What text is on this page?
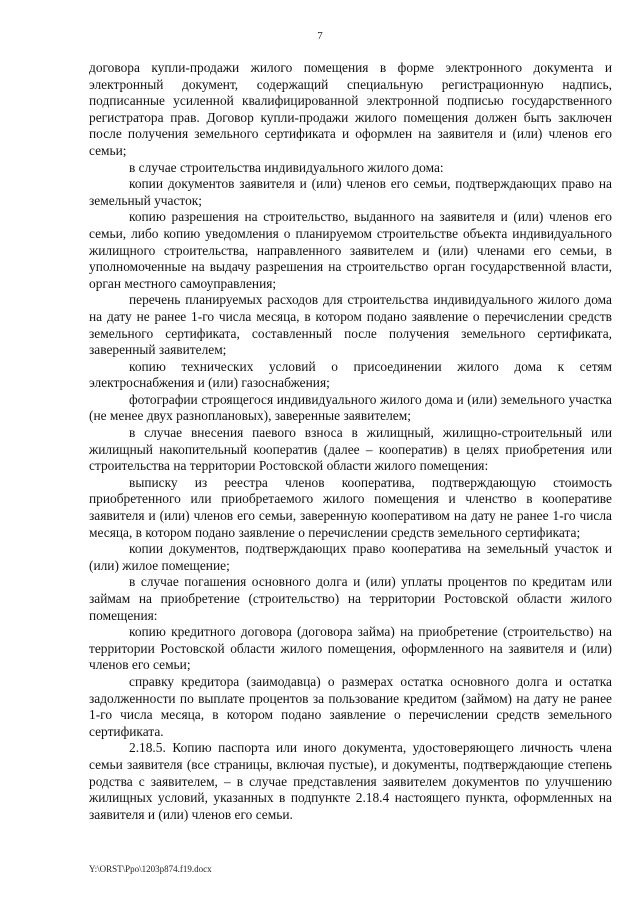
7

договора купли-продажи жилого помещения в форме электронного документа и электронный документ, содержащий специальную регистрационную надпись, подписанные усиленной квалифицированной электронной подписью государственного регистратора прав. Договор купли-продажи жилого помещения должен быть заключен после получения земельного сертификата и оформлен на заявителя и (или) членов его семьи;

в случае строительства индивидуального жилого дома:

копии документов заявителя и (или) членов его семьи, подтверждающих право на земельный участок;

копию разрешения на строительство, выданного на заявителя и (или) членов его семьи, либо копию уведомления о планируемом строительстве объекта индивидуального жилищного строительства, направленного заявителем и (или) членами его семьи, в уполномоченные на выдачу разрешения на строительство орган государственной власти, орган местного самоуправления;

перечень планируемых расходов для строительства индивидуального жилого дома на дату не ранее 1-го числа месяца, в котором подано заявление о перечислении средств земельного сертификата, составленный после получения земельного сертификата, заверенный заявителем;

копию технических условий о присоединении жилого дома к сетям электроснабжения и (или) газоснабжения;

фотографии строящегося индивидуального жилого дома и (или) земельного участка (не менее двух разноплановых), заверенные заявителем;

в случае внесения паевого взноса в жилищный, жилищно-строительный или жилищный накопительный кооператив (далее – кооператив) в целях приобретения или строительства на территории Ростовской области жилого помещения:

выписку из реестра членов кооператива, подтверждающую стоимость приобретенного или приобретаемого жилого помещения и членство в кооперативе заявителя и (или) членов его семьи, заверенную кооперативом на дату не ранее 1-го числа месяца, в котором подано заявление о перечислении средств земельного сертификата;

копии документов, подтверждающих право кооператива на земельный участок и (или) жилое помещение;

в случае погашения основного долга и (или) уплаты процентов по кредитам или займам на приобретение (строительство) на территории Ростовской области жилого помещения:

копию кредитного договора (договора займа) на приобретение (строительство) на территории Ростовской области жилого помещения, оформленного на заявителя и (или) членов его семьи;

справку кредитора (заимодавца) о размерах остатка основного долга и остатка задолженности по выплате процентов за пользование кредитом (займом) на дату не ранее 1-го числа месяца, в котором подано заявление о перечислении средств земельного сертификата.

2.18.5. Копию паспорта или иного документа, удостоверяющего личность члена семьи заявителя (все страницы, включая пустые), и документы, подтверждающие степень родства с заявителем, – в случае представления заявителем документов по улучшению жилищных условий, указанных в подпункте 2.18.4 настоящего пункта, оформленных на заявителя и (или) членов его семьи.

Y:\ORST\Ppo\1203p874.f19.docx
